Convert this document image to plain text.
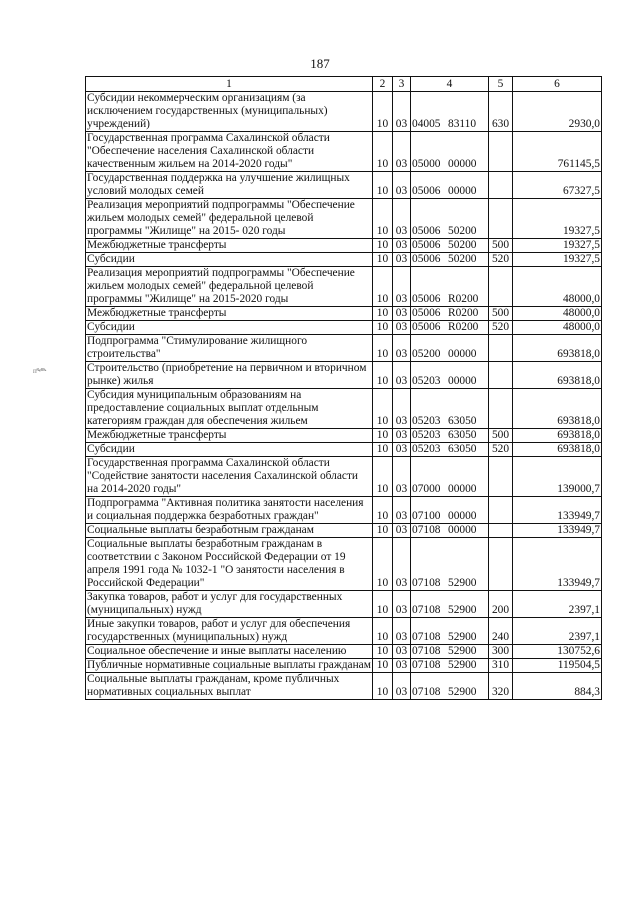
187
ᴨᴬᴵ‧ᵖᴿᴾᵃ·
1	2	3	4	5	6
Субсидии некоммерческим организациям (за исключением государственных (муниципальных) учреждений)	10	03	04005 83110	630	2930,0
Государственная программа Сахалинской области "Обеспечение населения Сахалинской области качественным жильем на 2014-2020 годы"	10	03	05000 00000		761145,5
Государственная поддержка на улучшение жилищных условий молодых семей	10	03	05006 00000		67327,5
Реализация мероприятий подпрограммы "Обеспечение жильем молодых семей" федеральной целевой программы "Жилище" на 2015- 020 годы	10	03	05006 50200		19327,5
Межбюджетные трансферты	10	03	05006 50200	500	19327,5
Субсидии	10	03	05006 50200	520	19327,5
Реализация мероприятий подпрограммы "Обеспечение жильем молодых семей" федеральной целевой программы "Жилище" на 2015-2020 годы	10	03	05006 R0200		48000,0
Межбюджетные трансферты	10	03	05006 R0200	500	48000,0
Субсидии	10	03	05006 R0200	520	48000,0
Подпрограмма "Стимулирование жилищного строительства"	10	03	05200 00000		693818,0
Строительство (приобретение на первичном и вторичном рынке) жилья	10	03	05203 00000		693818,0
Субсидия муниципальным образованиям на предоставление социальных выплат отдельным категориям граждан для обеспечения жильем	10	03	05203 63050		693818,0
Межбюджетные трансферты	10	03	05203 63050	500	693818,0
Субсидии	10	03	05203 63050	520	693818,0
Государственная программа Сахалинской области "Содействие занятости населения Сахалинской области на 2014-2020 годы"	10	03	07000 00000		139000,7
Подпрограмма "Активная политика занятости населения и социальная поддержка безработных граждан"	10	03	07100 00000		133949,7
Социальные выплаты безработным гражданам	10	03	07108 00000		133949,7
Социальные выплаты безработным гражданам в соответствии с Законом Российской Федерации от 19 апреля 1991 года № 1032-1 "О занятости населения в Российской Федерации"	10	03	07108 52900		133949,7
Закупка товаров, работ и услуг для государственных (муниципальных) нужд	10	03	07108 52900	200	2397,1
Иные закупки товаров, работ и услуг для обеспечения государственных (муниципальных) нужд	10	03	07108 52900	240	2397,1
Социальное обеспечение и иные выплаты населению	10	03	07108 52900	300	130752,6
Публичные нормативные социальные выплаты гражданам	10	03	07108 52900	310	119504,5
Социальные выплаты гражданам, кроме публичных нормативных социальных выплат	10	03	07108 52900	320	884,3
